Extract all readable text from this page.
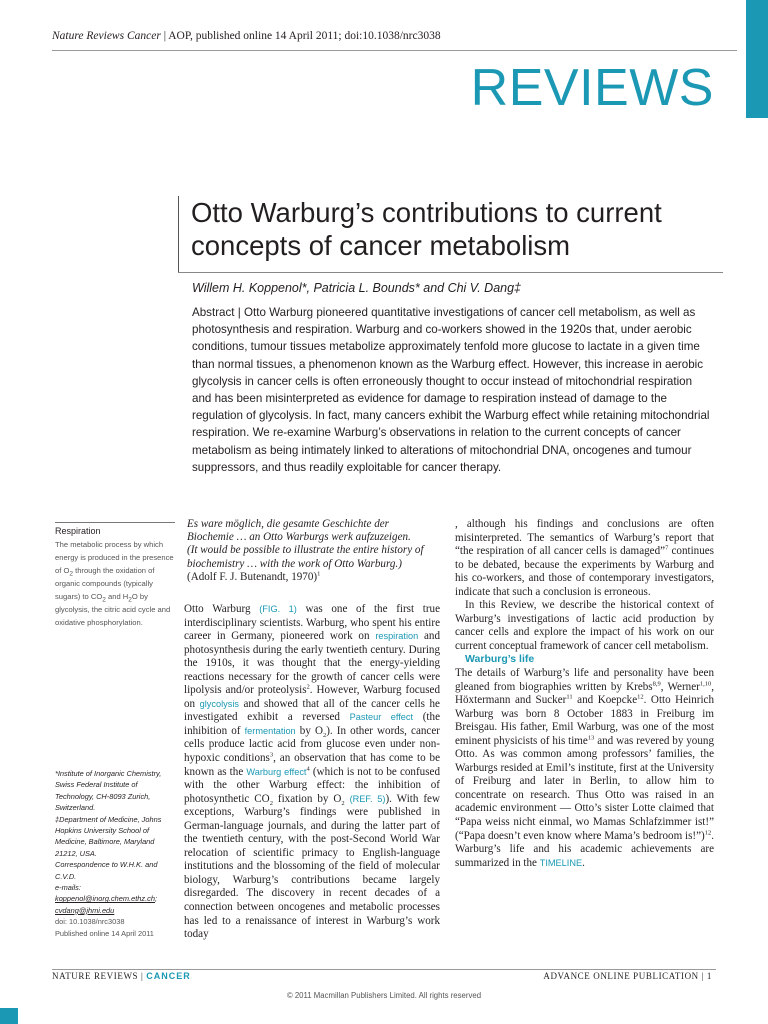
Nature Reviews Cancer | AOP, published online 14 April 2011; doi:10.1038/nrc3038
REVIEWS
Otto Warburg’s contributions to current concepts of cancer metabolism
Willem H. Koppenol*, Patricia L. Bounds* and Chi V. Dang‡

Abstract | Otto Warburg pioneered quantitative investigations of cancer cell metabolism, as well as photosynthesis and respiration. Warburg and co-workers showed in the 1920s that, under aerobic conditions, tumour tissues metabolize approximately tenfold more glucose to lactate in a given time than normal tissues, a phenomenon known as the Warburg effect. However, this increase in aerobic glycolysis in cancer cells is often erroneously thought to occur instead of mitochondrial respiration and has been misinterpreted as evidence for damage to respiration instead of damage to the regulation of glycolysis. In fact, many cancers exhibit the Warburg effect while retaining mitochondrial respiration. We re-examine Warburg’s observations in relation to the current concepts of cancer metabolism as being intimately linked to alterations of mitochondrial DNA, oncogenes and tumour suppressors, and thus readily exploitable for cancer therapy.

Respiration
The metabolic process by which energy is produced in the presence of $O_2$ through the oxidation of organic compounds (typically sugars) to $CO_2$ and $H_2O$ by glycolysis, the citric acid cycle and oxidative phosphorylation.
*Institute of Inorganic Chemistry, Swiss Federal Institute of Technology, CH-8093 Zurich, Switzerland.
‡Department of Medicine, Johns Hopkins University School of Medicine, Baltimore, Maryland 21212, USA.
Correspondence to W.H.K. and C.V.D.
e-mails: koppenol@inorg.chem.ethz.ch;
cvdang@jhmi.edu
doi: 10.1038/nrc3038
Published online 14 April 2011
Es ware möglich, die gesamte Geschichte der Biochemie … an Otto Warburgs werk aufzuzeigen.
(It would be possible to illustrate the entire history of biochemistry … with the work of Otto Warburg.)
(Adolf F. J. Butenandt, 1970)$^1$

Otto Warburg (FIG. 1) was one of the first true interdisciplinary scientists. Warburg, who spent his entire career in Germany, pioneered work on respiration and photosynthesis during the early twentieth century. During the 1910s, it was thought that the energy-yielding reactions necessary for the growth of cancer cells were lipolysis and/or proteolysis$^2$. However, Warburg focused on glycolysis and showed that all of the cancer cells he investigated exhibit a reversed Pasteur effect (the inhibition of fermentation by $O_2$). In other words, cancer cells produce lactic acid from glucose even under non-hypoxic conditions$^3$, an observation that has come to be known as the Warburg effect$^4$ (which is not to be confused with the other Warburg effect: the inhibition of photosynthetic $CO_2$ fixation by $O_2$ (REF. 5)). With few exceptions, Warburg’s findings were published in German-language journals, and during the latter part of the twentieth century, with the post-Second World War relocation of scientific primacy to English-language institutions and the blossoming of the field of molecular biology, Warburg’s contributions became largely disregarded. The discovery in recent decades of a connection between oncogenes and metabolic processes has led to a renaissance of interest in Warburg’s work today

, although his findings and conclusions are often misinterpreted. The semantics of Warburg’s report that “the respiration of all cancer cells is damaged”$^7$ continues to be debated, because the experiments by Warburg and his co-workers, and those of contemporary investigators, indicate that such a conclusion is erroneous.

In this Review, we describe the historical context of Warburg’s investigations of lactic acid production by cancer cells and explore the impact of his work on our current conceptual framework of cancer cell metabolism.

Warburg’s life

The details of Warburg’s life and personality have been gleaned from biographies written by Krebs$^{8,9}$, Werner$^{1,10}$, Höxtermann and Sucker$^{11}$ and Koepcke$^{12}$. Otto Heinrich Warburg was born 8 October 1883 in Freiburg im Breisgau. His father, Emil Warburg, was one of the most eminent physicists of his time$^{13}$ and was revered by young Otto. As was common among professors’ families, the Warburgs resided at Emil’s institute, first at the University of Freiburg and later in Berlin, to allow him to concentrate on research. Thus Otto was raised in an academic environment — Otto’s sister Lotte claimed that “Papa weiss nicht einmal, wo Mamas Schlafzimmer ist!” (“Papa doesn’t even know where Mama’s bedroom is!”)$^{12}$. Warburg’s life and his academic achievements are summarized in the TIMELINE.

NATURE REVIEWS | CANCER	ADVANCE ONLINE PUBLICATION | 1
© 2011 Macmillan Publishers Limited. All rights reserved
